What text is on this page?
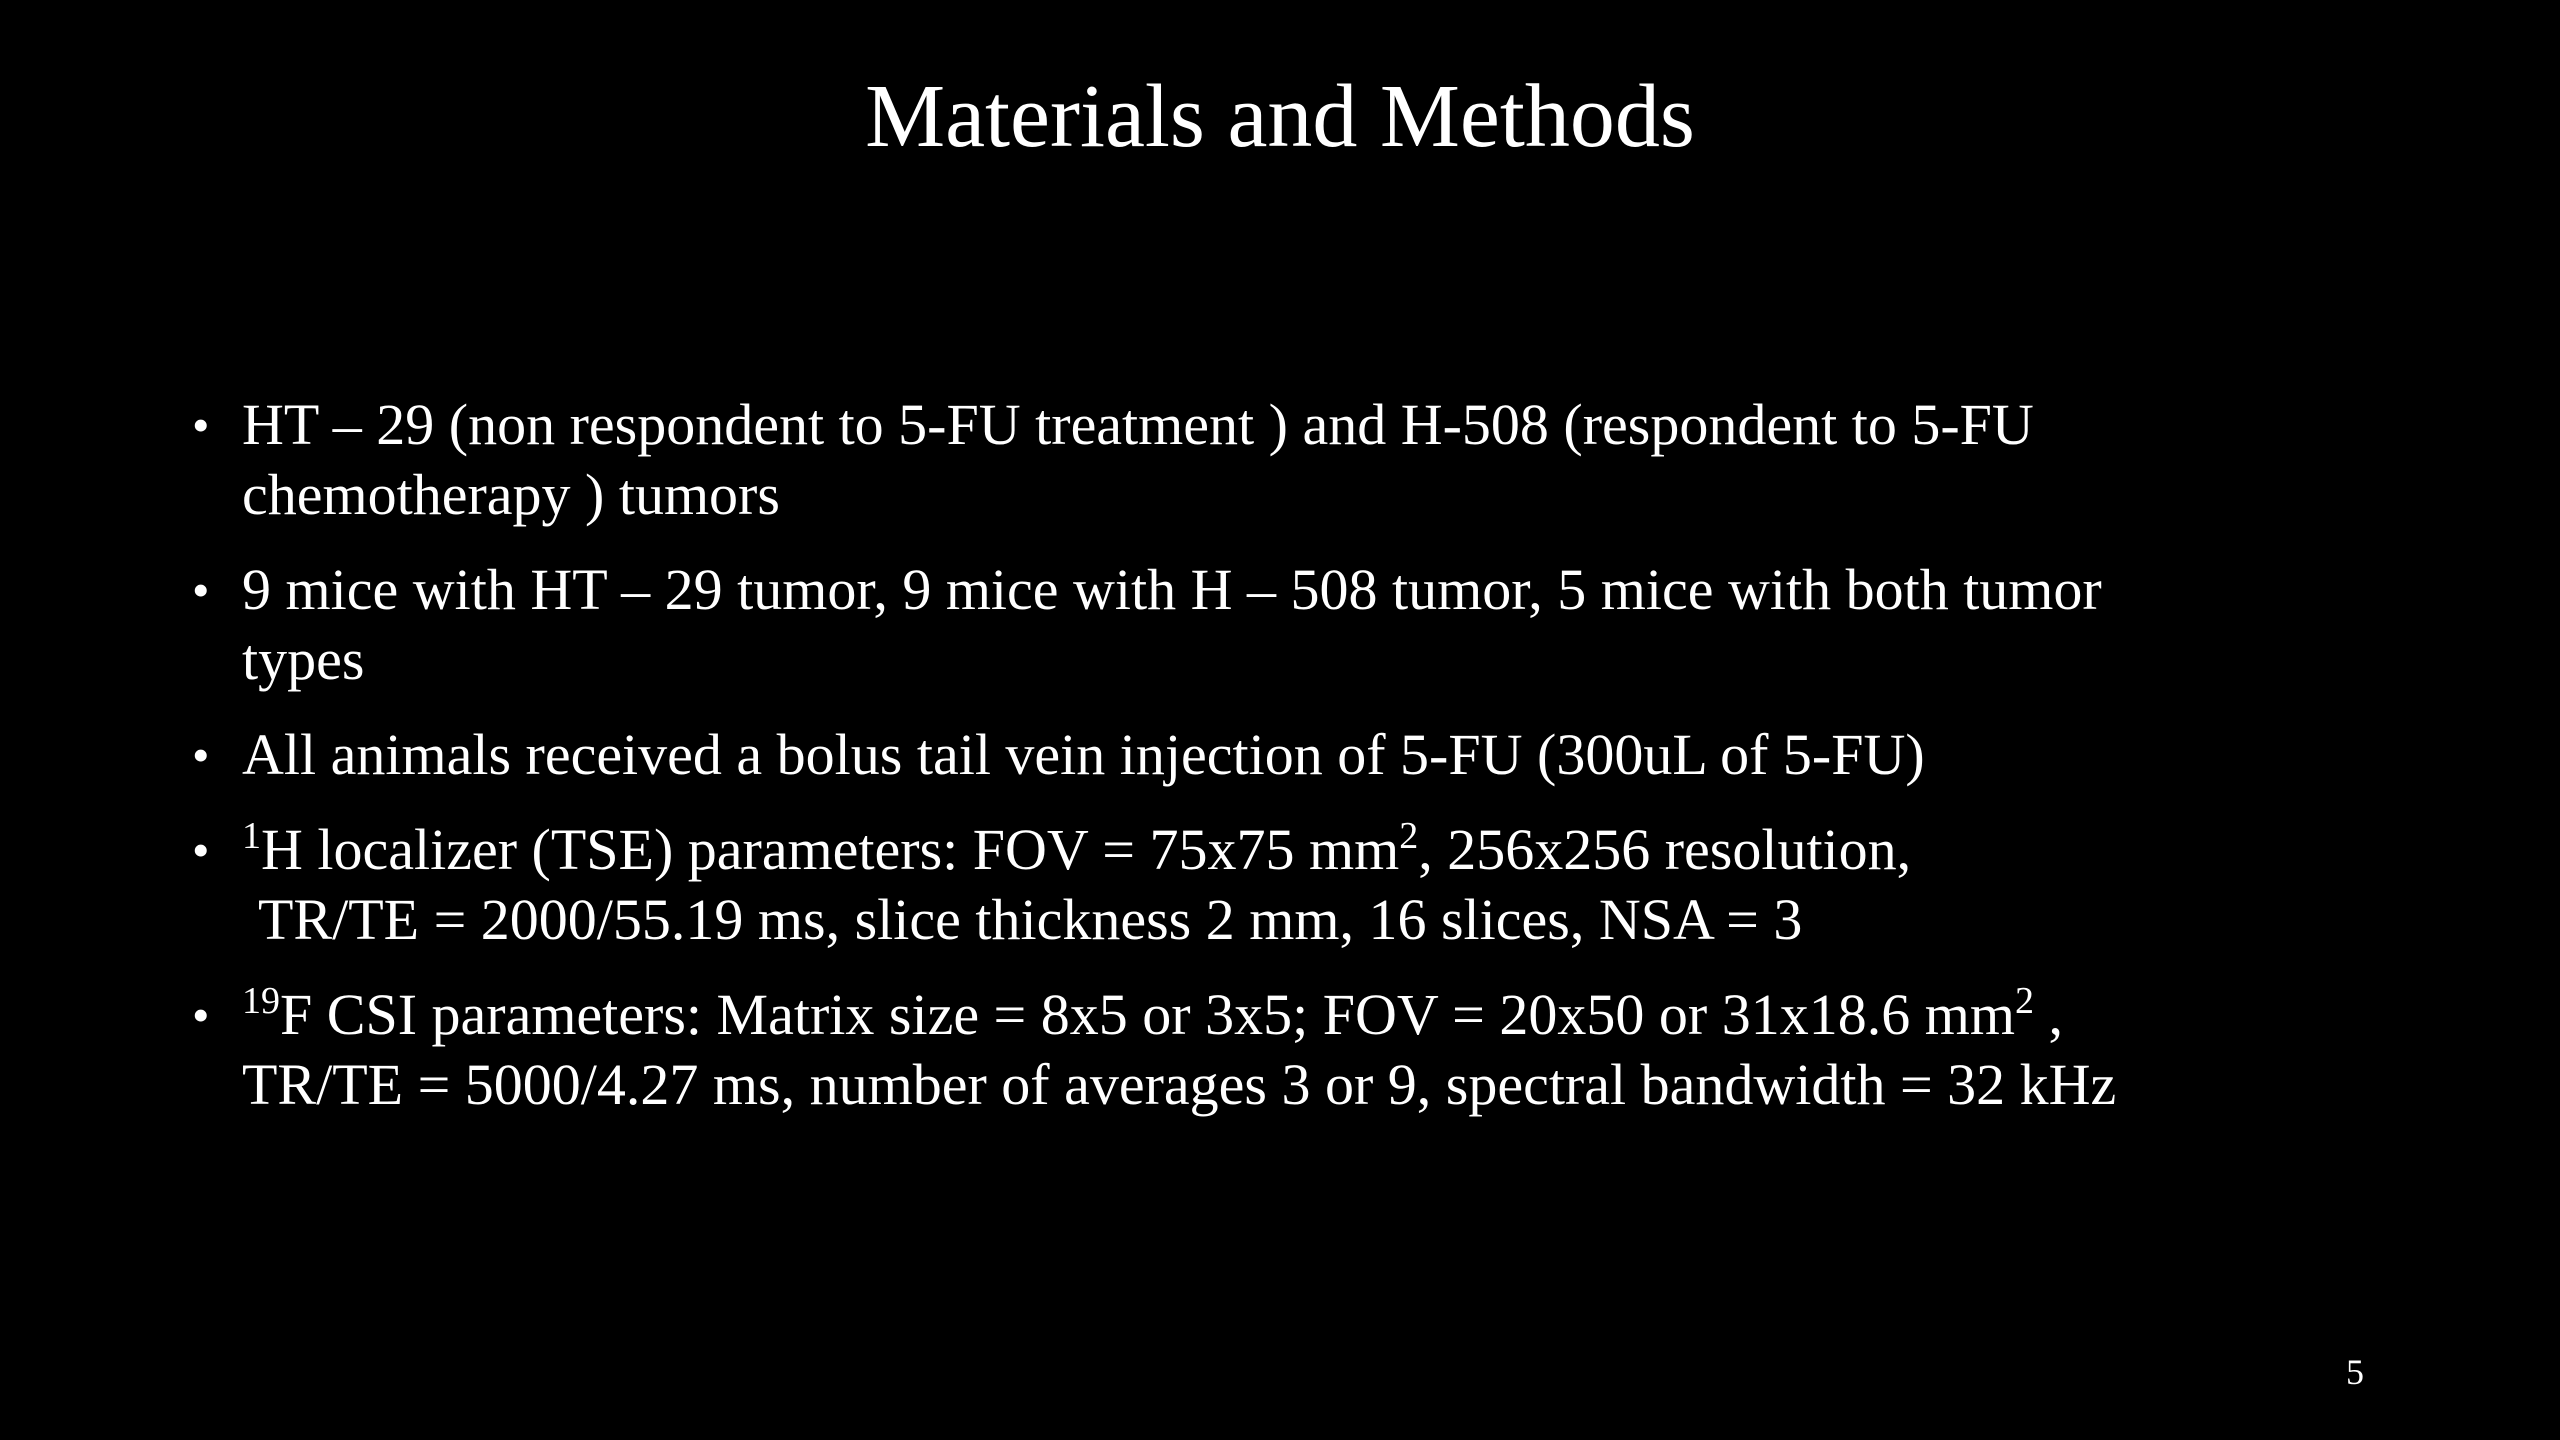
Materials and Methods
• HT – 29 (non respondent to 5-FU treatment ) and H-508 (respondent to 5-FU
chemotherapy ) tumors
• 9 mice with HT – 29 tumor, 9 mice with H – 508 tumor, 5 mice with both tumor
types
• All animals received a bolus tail vein injection of 5-FU (300uL of 5-FU)
• $^1$H localizer (TSE) parameters: FOV = 75x75 $mm^2$, 256x256 resolution,
TR/TE = 2000/55.19 ms, slice thickness 2 mm, 16 slices, NSA = 3
• $^{19}$F CSI parameters: Matrix size = 8x5 or 3x5; FOV = 20x50 or 31x18.6 $mm^2$ ,
TR/TE = 5000/4.27 ms, number of averages 3 or 9, spectral bandwidth = 32 kHz
5
